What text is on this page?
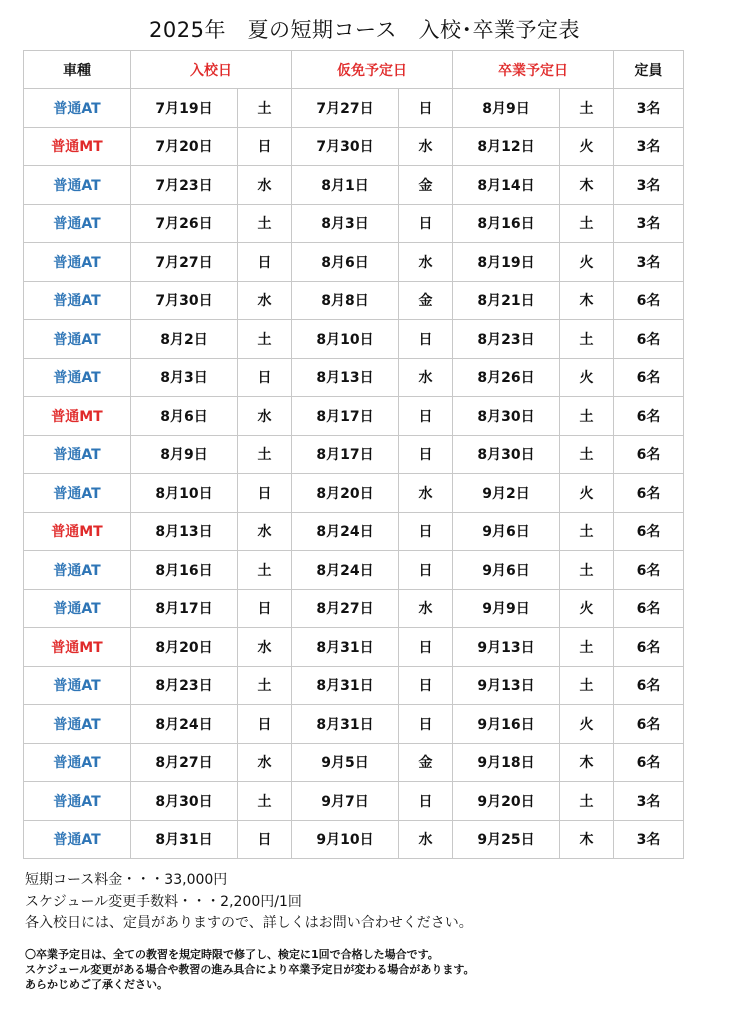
2025年　夏の短期コース　入校･卒業予定表
車種	入校日		仮免予定日		卒業予定日		定員
普通AT	7月19日	土	7月27日	日	8月9日	土	3名
普通MT	7月20日	日	7月30日	水	8月12日	火	3名
普通AT	7月23日	水	8月1日	金	8月14日	木	3名
普通AT	7月26日	土	8月3日	日	8月16日	土	3名
普通AT	7月27日	日	8月6日	水	8月19日	火	3名
普通AT	7月30日	水	8月8日	金	8月21日	木	6名
普通AT	8月2日	土	8月10日	日	8月23日	土	6名
普通AT	8月3日	日	8月13日	水	8月26日	火	6名
普通MT	8月6日	水	8月17日	日	8月30日	土	6名
普通AT	8月9日	土	8月17日	日	8月30日	土	6名
普通AT	8月10日	日	8月20日	水	9月2日	火	6名
普通MT	8月13日	水	8月24日	日	9月6日	土	6名
普通AT	8月16日	土	8月24日	日	9月6日	土	6名
普通AT	8月17日	日	8月27日	水	9月9日	火	6名
普通MT	8月20日	水	8月31日	日	9月13日	土	6名
普通AT	8月23日	土	8月31日	日	9月13日	土	6名
普通AT	8月24日	日	8月31日	日	9月16日	火	6名
普通AT	8月27日	水	9月5日	金	9月18日	木	6名
普通AT	8月30日	土	9月7日	日	9月20日	土	3名
普通AT	8月31日	日	9月10日	水	9月25日	木	3名
短期コース料金・・・33,000円
スケジュール変更手数料・・・2,200円/1回
各入校日には、定員がありますので、詳しくはお問い合わせください。
〇卒業予定日は、全ての教習を規定時限で修了し、検定に1回で合格した場合です。
スケジュール変更がある場合や教習の進み具合により卒業予定日が変わる場合があります。
あらかじめご了承ください。
